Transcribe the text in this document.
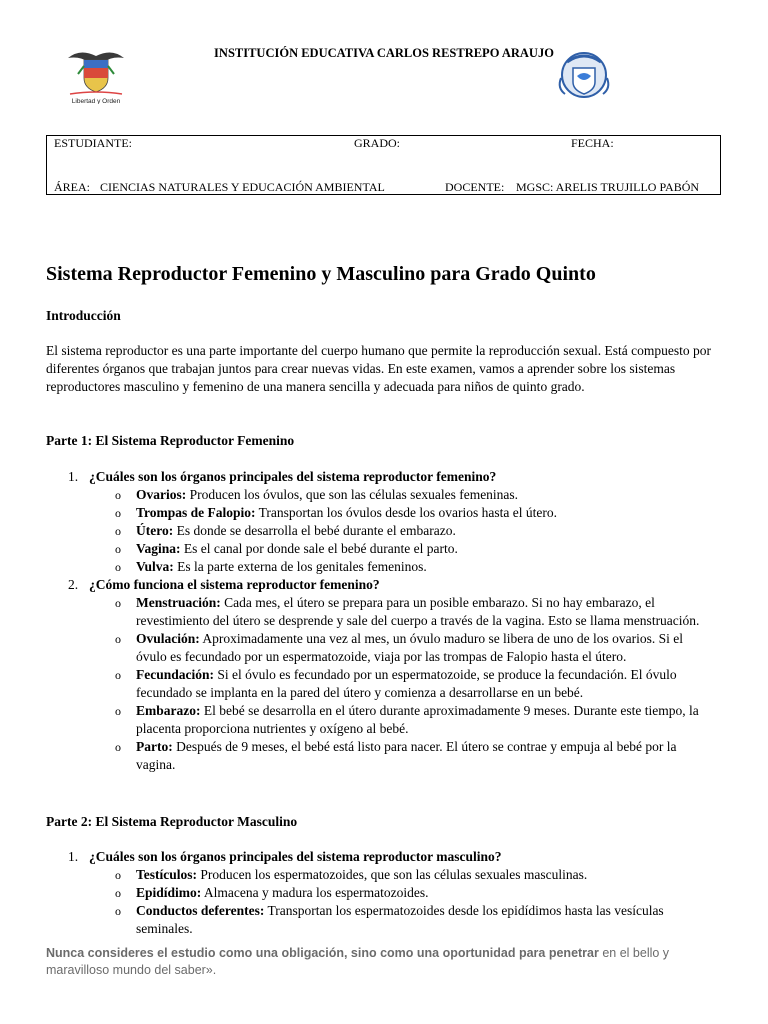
Libertad y Orden
INSTITUCIÓN EDUCATIVA CARLOS RESTREPO ARAUJO
ESTUDIANTE:	GRADO:	FECHA:
ÁREA: CIENCIAS NATURALES Y EDUCACIÓN AMBIENTAL	DOCENTE: MGSC: ARELIS TRUJILLO PABÓN
Sistema Reproductor Femenino y Masculino para Grado Quinto
Introducción
El sistema reproductor es una parte importante del cuerpo humano que permite la reproducción sexual. Está compuesto por diferentes órganos que trabajan juntos para crear nuevas vidas. En este examen, vamos a aprender sobre los sistemas reproductores masculino y femenino de una manera sencilla y adecuada para niños de quinto grado.
Parte 1: El Sistema Reproductor Femenino
1. ¿Cuáles son los órganos principales del sistema reproductor femenino?
o Ovarios: Producen los óvulos, que son las células sexuales femeninas.
o Trompas de Falopio: Transportan los óvulos desde los ovarios hasta el útero.
o Útero: Es donde se desarrolla el bebé durante el embarazo.
o Vagina: Es el canal por donde sale el bebé durante el parto.
o Vulva: Es la parte externa de los genitales femeninos.
2. ¿Cómo funciona el sistema reproductor femenino?
o Menstruación: Cada mes, el útero se prepara para un posible embarazo. Si no hay embarazo, el revestimiento del útero se desprende y sale del cuerpo a través de la vagina. Esto se llama menstruación.
o Ovulación: Aproximadamente una vez al mes, un óvulo maduro se libera de uno de los ovarios. Si el óvulo es fecundado por un espermatozoide, viaja por las trompas de Falopio hasta el útero.
o Fecundación: Si el óvulo es fecundado por un espermatozoide, se produce la fecundación. El óvulo fecundado se implanta en la pared del útero y comienza a desarrollarse en un bebé.
o Embarazo: El bebé se desarrolla en el útero durante aproximadamente 9 meses. Durante este tiempo, la placenta proporciona nutrientes y oxígeno al bebé.
o Parto: Después de 9 meses, el bebé está listo para nacer. El útero se contrae y empuja al bebé por la vagina.
Parte 2: El Sistema Reproductor Masculino
1. ¿Cuáles son los órganos principales del sistema reproductor masculino?
o Testículos: Producen los espermatozoides, que son las células sexuales masculinas.
o Epidídimo: Almacena y madura los espermatozoides.
o Conductos deferentes: Transportan los espermatozoides desde los epidídimos hasta las vesículas seminales.
Nunca consideres el estudio como una obligación, sino como una oportunidad para penetrar en el bello y maravilloso mundo del saber».
